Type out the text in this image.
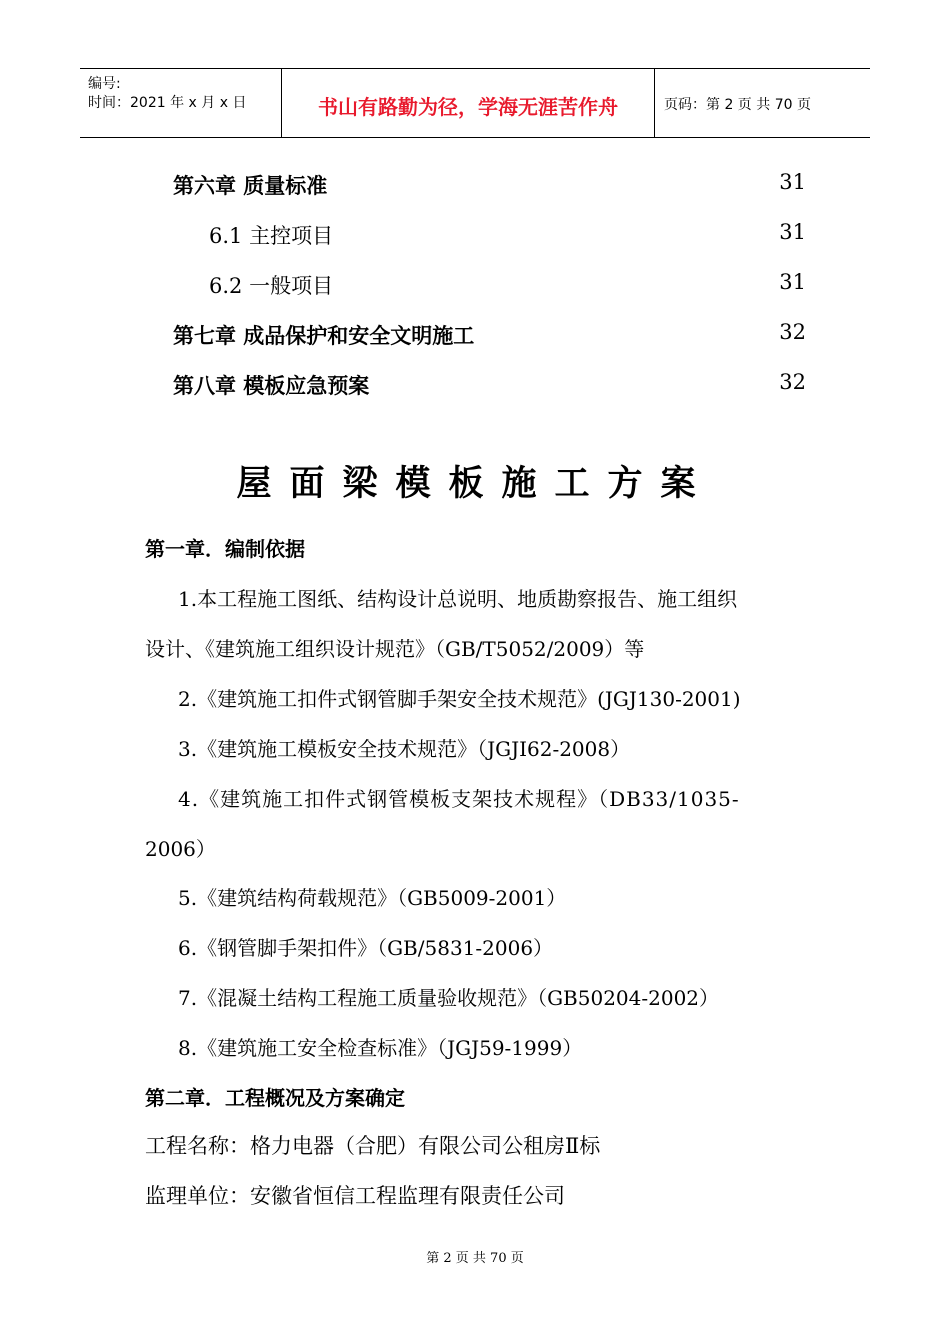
编号:
时间：2021 年 x 月 x 日	书山有路勤为径，学海无涯苦作舟	页码：第 2 页 共 70 页
第六章 质量标准	31
6.1 主控项目	31
6.2 一般项目	31
第七章 成品保护和安全文明施工	32
第八章 模板应急预案	32
屋面梁模板施工方案
第一章．编制依据
1.本工程施工图纸、结构设计总说明、地质勘察报告、施工组织
设计、《建筑施工组织设计规范》（GB/T5052/2009）等
2.《建筑施工扣件式钢管脚手架安全技术规范》(JGJ130-2001)
3.《建筑施工模板安全技术规范》（JGJI62-2008）
4.《建筑施工扣件式钢管模板支架技术规程》（DB33/1035-
2006）
5.《建筑结构荷载规范》（GB5009-2001）
6.《钢管脚手架扣件》（GB/5831-2006）
7.《混凝土结构工程施工质量验收规范》（GB50204-2002）
8.《建筑施工安全检查标准》（JGJ59-1999）
第二章．工程概况及方案确定
工程名称：格力电器（合肥）有限公司公租房Ⅱ标
监理单位：安徽省恒信工程监理有限责任公司
第 2 页 共 70 页
